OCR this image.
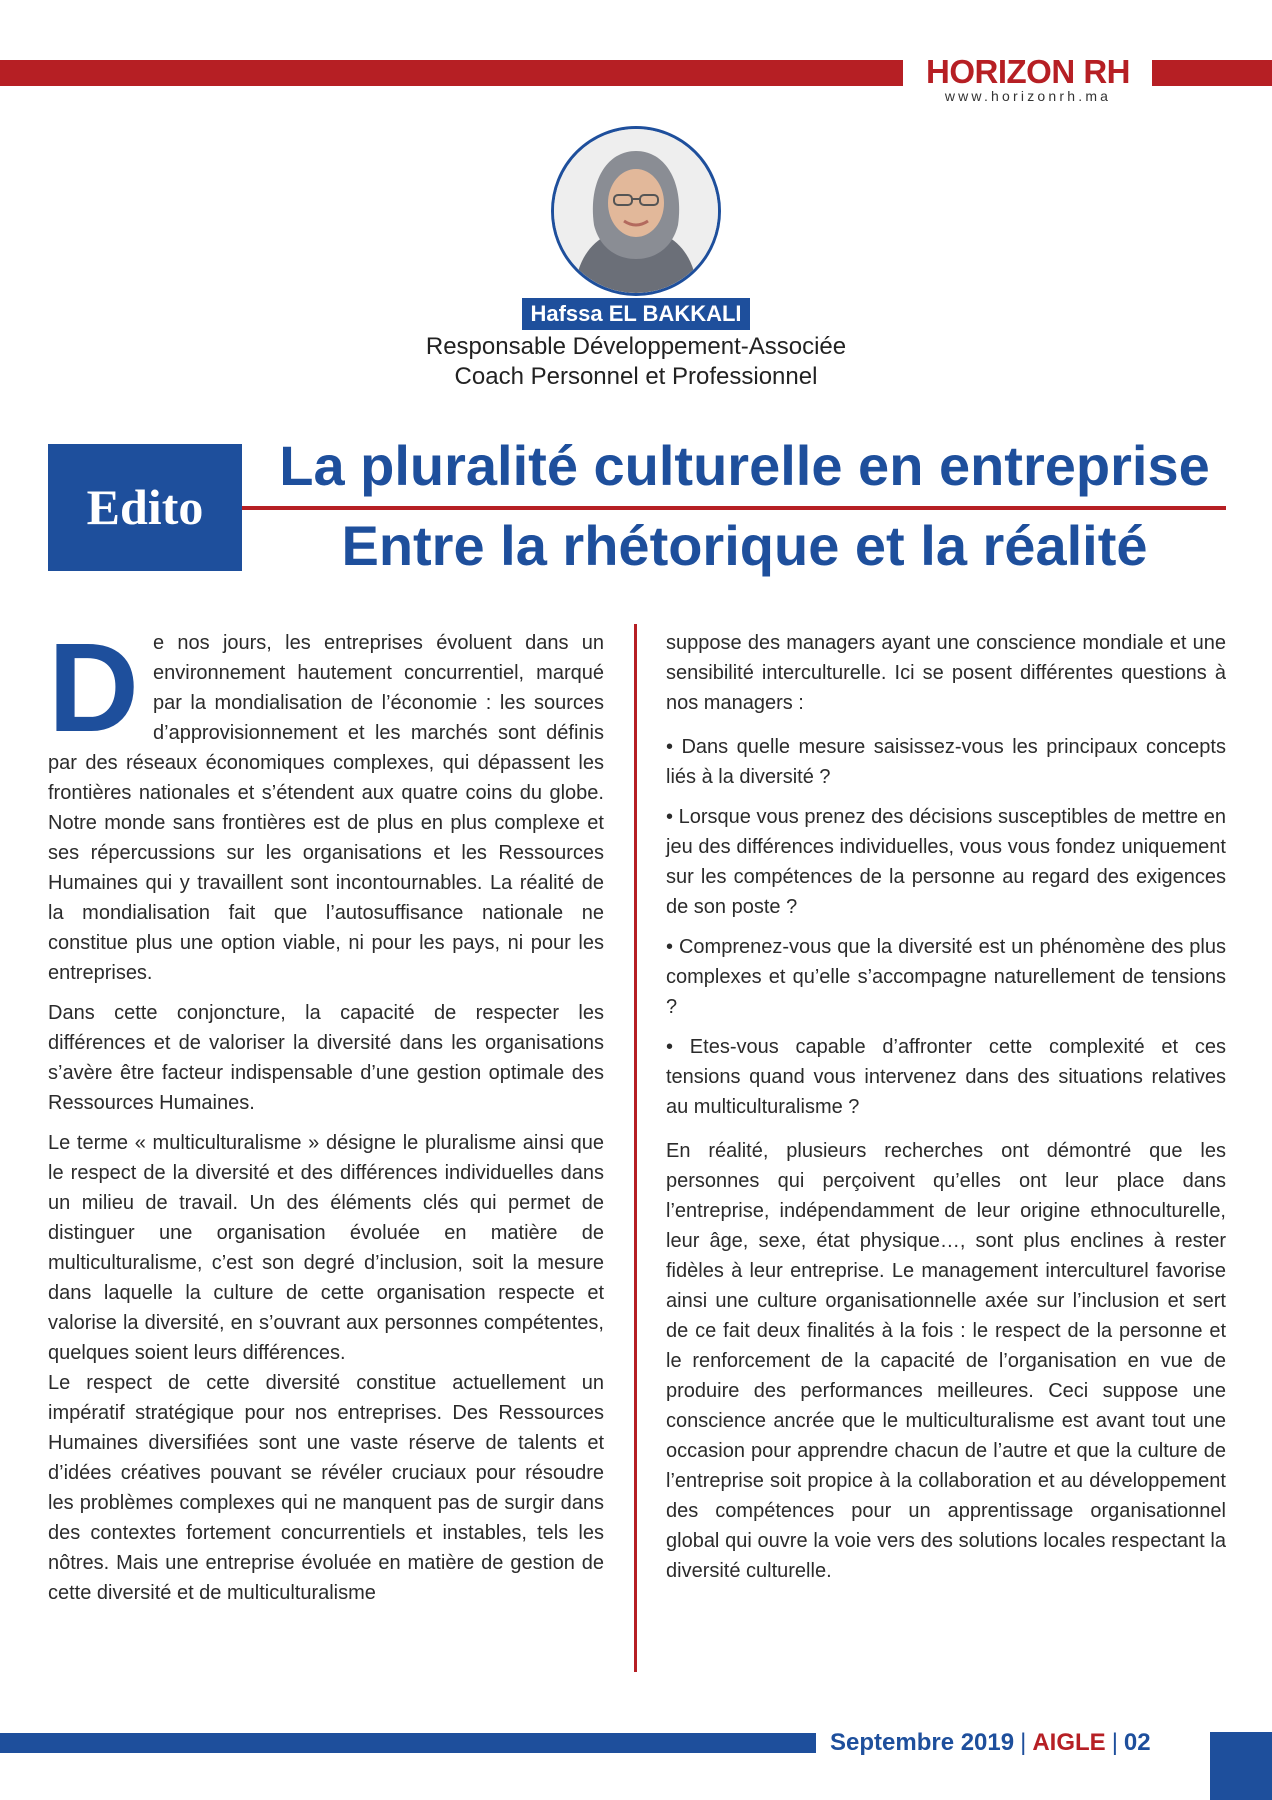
HORIZON RH
www.horizonrh.ma
Hafssa EL BAKKALI
Responsable Développement-Associée
Coach Personnel et Professionnel
Edito
La pluralité culturelle en entreprise
Entre la rhétorique et la réalité

D e nos jours, les entreprises évoluent dans un environnement hautement concurrentiel, marqué par la mondialisation de l’économie : les sources d’approvisionnement et les marchés sont définis par des réseaux économiques complexes, qui dépassent les frontières nationales et s’étendent aux quatre coins du globe. Notre monde sans frontières est de plus en plus complexe et ses répercussions sur les organisations et les Ressources Humaines qui y travaillent sont incontournables. La réalité de la mondialisation fait que l’autosuffisance nationale ne constitue plus une option viable, ni pour les pays, ni pour les entreprises.

Dans cette conjoncture, la capacité de respecter les différences et de valoriser la diversité dans les organisations s’avère être facteur indispensable d’une gestion optimale des Ressources Humaines.

Le terme « multiculturalisme » désigne le pluralisme ainsi que le respect de la diversité et des différences individuelles dans un milieu de travail. Un des éléments clés qui permet de distinguer une organisation évoluée en matière de multiculturalisme, c’est son degré d’inclusion, soit la mesure dans laquelle la culture de cette organisation respecte et valorise la diversité, en s’ouvrant aux personnes compétentes, quelques soient leurs différences.

Le respect de cette diversité constitue actuellement un impératif stratégique pour nos entreprises. Des Ressources Humaines diversifiées sont une vaste réserve de talents et d’idées créatives pouvant se révéler cruciaux pour résoudre les problèmes complexes qui ne manquent pas de surgir dans des contextes fortement concurrentiels et instables, tels les nôtres. Mais une entreprise évoluée en matière de gestion de cette diversité et de multiculturalisme

suppose des managers ayant une conscience mondiale et une sensibilité interculturelle. Ici se posent différentes questions à nos managers :

• Dans quelle mesure saisissez-vous les principaux concepts liés à la diversité ?

• Lorsque vous prenez des décisions susceptibles de mettre en jeu des différences individuelles, vous vous fondez uniquement sur les compétences de la personne au regard des exigences de son poste ?

• Comprenez-vous que la diversité est un phénomène des plus complexes et qu’elle s’accompagne naturellement de tensions ?

• Etes-vous capable d’affronter cette complexité et ces tensions quand vous intervenez dans des situations relatives au multiculturalisme ?

En réalité, plusieurs recherches ont démontré que les personnes qui perçoivent qu’elles ont leur place dans l’entreprise, indépendamment de leur origine ethnoculturelle, leur âge, sexe, état physique…, sont plus enclines à rester fidèles à leur entreprise. Le management interculturel favorise ainsi une culture organisationnelle axée sur l’inclusion et sert de ce fait deux finalités à la fois : le respect de la personne et le renforcement de la capacité de l’organisation en vue de produire des performances meilleures. Ceci suppose une conscience ancrée que le multiculturalisme est avant tout une occasion pour apprendre chacun de l’autre et que la culture de l’entreprise soit propice à la collaboration et au développement des compétences pour un apprentissage organisationnel global qui ouvre la voie vers des solutions locales respectant la diversité culturelle.

Septembre 2019 | AIGLE | 02
